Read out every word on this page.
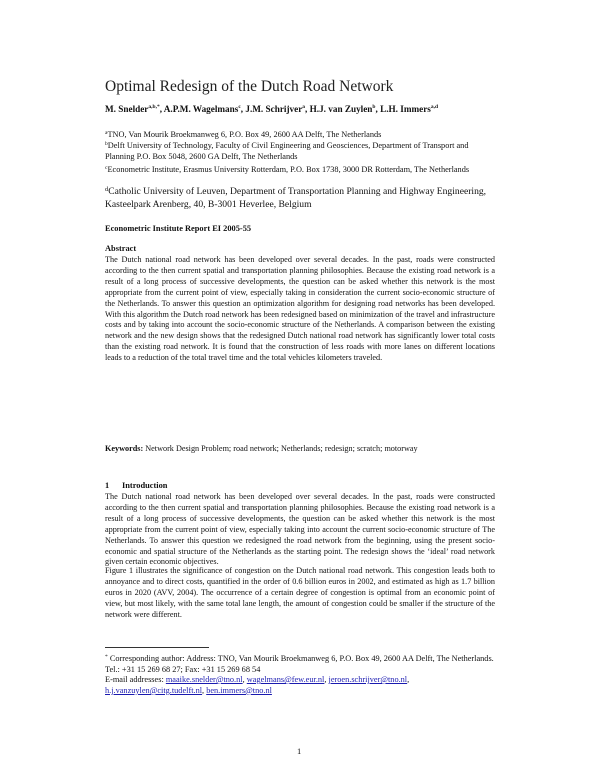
Optimal Redesign of the Dutch Road Network
M. Snelder$^{a,b,*}$, A.P.M. Wagelmans$^c$, J.M. Schrijver$^a$, H.J. van Zuylen$^b$, L.H. Immers$^{a,d}$
$^a$TNO, Van Mourik Broekmanweg 6, P.O. Box 49, 2600 AA Delft, The Netherlands
$^b$Delft University of Technology, Faculty of Civil Engineering and Geosciences, Department of Transport and Planning P.O. Box 5048, 2600 GA Delft, The Netherlands
$^c$Econometric Institute, Erasmus University Rotterdam, P.O. Box 1738, 3000 DR Rotterdam, The Netherlands
$^d$Catholic University of Leuven, Department of Transportation Planning and Highway Engineering, Kasteelpark Arenberg, 40, B-3001 Heverlee, Belgium
Econometric Institute Report EI 2005-55
Abstract
The Dutch national road network has been developed over several decades. In the past, roads were constructed according to the then current spatial and transportation planning philosophies. Because the existing road network is a result of a long process of successive developments, the question can be asked whether this network is the most appropriate from the current point of view, especially taking in consideration the current socio-economic structure of the Netherlands. To answer this question an optimization algorithm for designing road networks has been developed. With this algorithm the Dutch road network has been redesigned based on minimization of the travel and infrastructure costs and by taking into account the socio-economic structure of the Netherlands. A comparison between the existing network and the new design shows that the redesigned Dutch national road network has significantly lower total costs than the existing road network. It is found that the construction of less roads with more lanes on different locations leads to a reduction of the total travel time and the total vehicles kilometers traveled.
Keywords: Network Design Problem; road network; Netherlands; redesign; scratch; motorway
1 Introduction
The Dutch national road network has been developed over several decades. In the past, roads were constructed according to the then current spatial and transportation planning philosophies. Because the existing road network is a result of a long process of successive developments, the question can be asked whether this network is the most appropriate from the current point of view, especially taking into account the current socio-economic structure of The Netherlands. To answer this question we redesigned the road network from the beginning, using the present socio-economic and spatial structure of the Netherlands as the starting point. The redesign shows the ‘ideal’ road network given certain economic objectives.
Figure 1 illustrates the significance of congestion on the Dutch national road network. This congestion leads both to annoyance and to direct costs, quantified in the order of 0.6 billion euros in 2002, and estimated as high as 1.7 billion euros in 2020 (AVV, 2004). The occurrence of a certain degree of congestion is optimal from an economic point of view, but most likely, with the same total lane length, the amount of congestion could be smaller if the structure of the network were different.
* Corresponding author: Address: TNO, Van Mourik Broekmanweg 6, P.O. Box 49, 2600 AA Delft, The Netherlands. Tel.: +31 15 269 68 27; Fax: +31 15 269 68 54
E-mail addresses: maaike.snelder@tno.nl, wagelmans@few.eur.nl, jeroen.schrijver@tno.nl, h.j.vanzuylen@citg.tudelft.nl, ben.immers@tno.nl
1
